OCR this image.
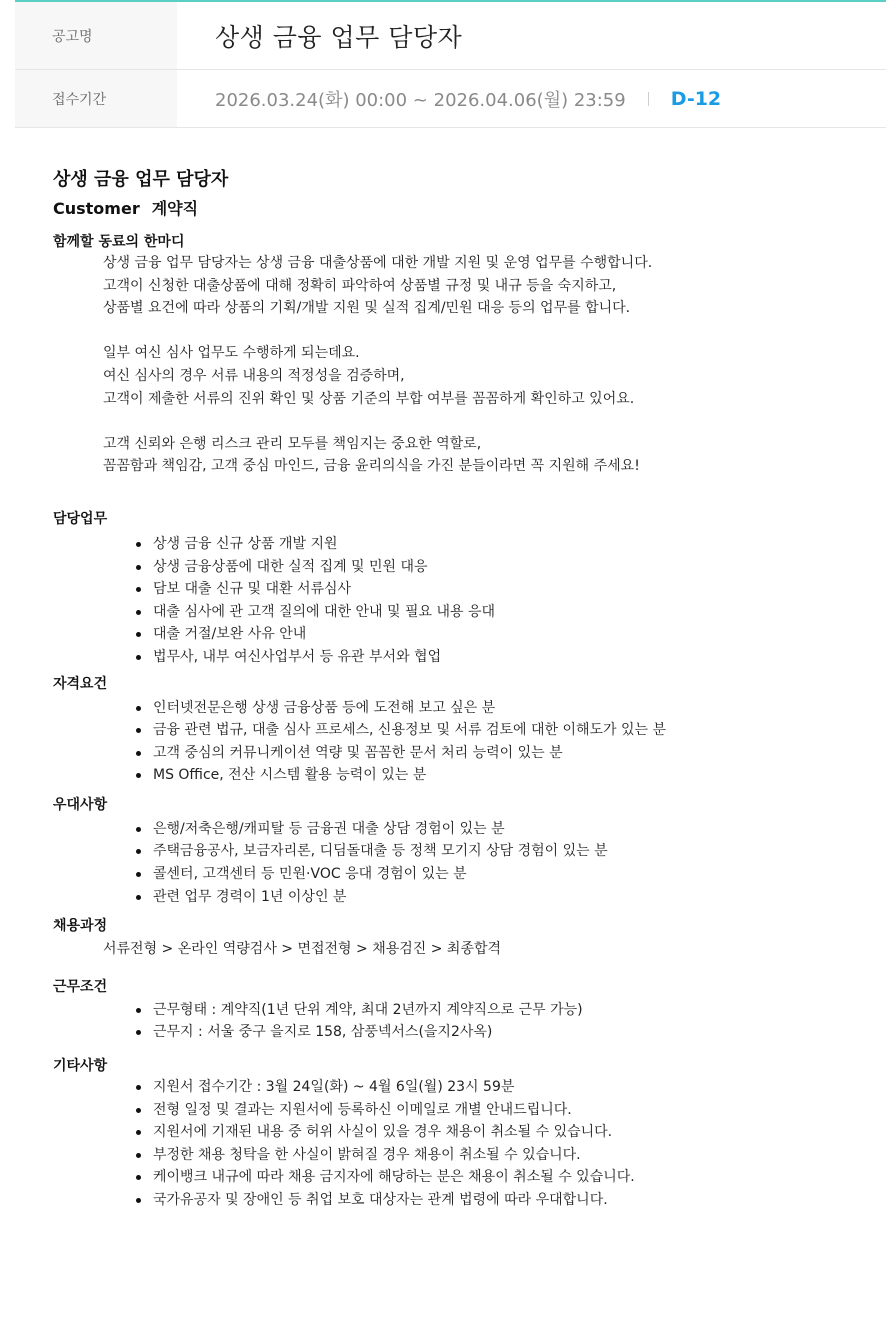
공고명	상생 금융 업무 담당자
접수기간	2026.03.24(화) 00:00 ~ 2026.04.06(월) 23:59 D-12
상생 금융 업무 담당자
Customer 계약직
함께할 동료의 한마디
상생 금융 업무 담당자는 상생 금융 대출상품에 대한 개발 지원 및 운영 업무를 수행합니다.
고객이 신청한 대출상품에 대해 정확히 파악하여 상품별 규정 및 내규 등을 숙지하고,
상품별 요건에 따라 상품의 기획/개발 지원 및 실적 집계/민원 대응 등의 업무를 합니다.
일부 여신 심사 업무도 수행하게 되는데요.
여신 심사의 경우 서류 내용의 적정성을 검증하며,
고객이 제출한 서류의 진위 확인 및 상품 기준의 부합 여부를 꼼꼼하게 확인하고 있어요.
고객 신뢰와 은행 리스크 관리 모두를 책임지는 중요한 역할로,
꼼꼼함과 책임감, 고객 중심 마인드, 금융 윤리의식을 가진 분들이라면 꼭 지원해 주세요!
담당업무
상생 금융 신규 상품 개발 지원
상생 금융상품에 대한 실적 집계 및 민원 대응
담보 대출 신규 및 대환 서류심사
대출 심사에 관 고객 질의에 대한 안내 및 필요 내용 응대
대출 거절/보완 사유 안내
법무사, 내부 여신사업부서 등 유관 부서와 협업
자격요건
인터넷전문은행 상생 금융상품 등에 도전해 보고 싶은 분
금융 관련 법규, 대출 심사 프로세스, 신용정보 및 서류 검토에 대한 이해도가 있는 분
고객 중심의 커뮤니케이션 역량 및 꼼꼼한 문서 처리 능력이 있는 분
MS Office, 전산 시스템 활용 능력이 있는 분
우대사항
은행/저축은행/캐피탈 등 금융권 대출 상담 경험이 있는 분
주택금융공사, 보금자리론, 디딤돌대출 등 정책 모기지 상담 경험이 있는 분
콜센터, 고객센터 등 민원·VOC 응대 경험이 있는 분
관련 업무 경력이 1년 이상인 분
채용과정
서류전형 > 온라인 역량검사 > 면접전형 > 채용검진 > 최종합격
근무조건
근무형태 : 계약직(1년 단위 계약, 최대 2년까지 계약직으로 근무 가능)
근무지 : 서울 중구 을지로 158, 삼풍넥서스(을지2사옥)
기타사항
지원서 접수기간 : 3월 24일(화) ~ 4월 6일(월) 23시 59분
전형 일정 및 결과는 지원서에 등록하신 이메일로 개별 안내드립니다.
지원서에 기재된 내용 중 허위 사실이 있을 경우 채용이 취소될 수 있습니다.
부정한 채용 청탁을 한 사실이 밝혀질 경우 채용이 취소될 수 있습니다.
케이뱅크 내규에 따라 채용 금지자에 해당하는 분은 채용이 취소될 수 있습니다.
국가유공자 및 장애인 등 취업 보호 대상자는 관계 법령에 따라 우대합니다.
